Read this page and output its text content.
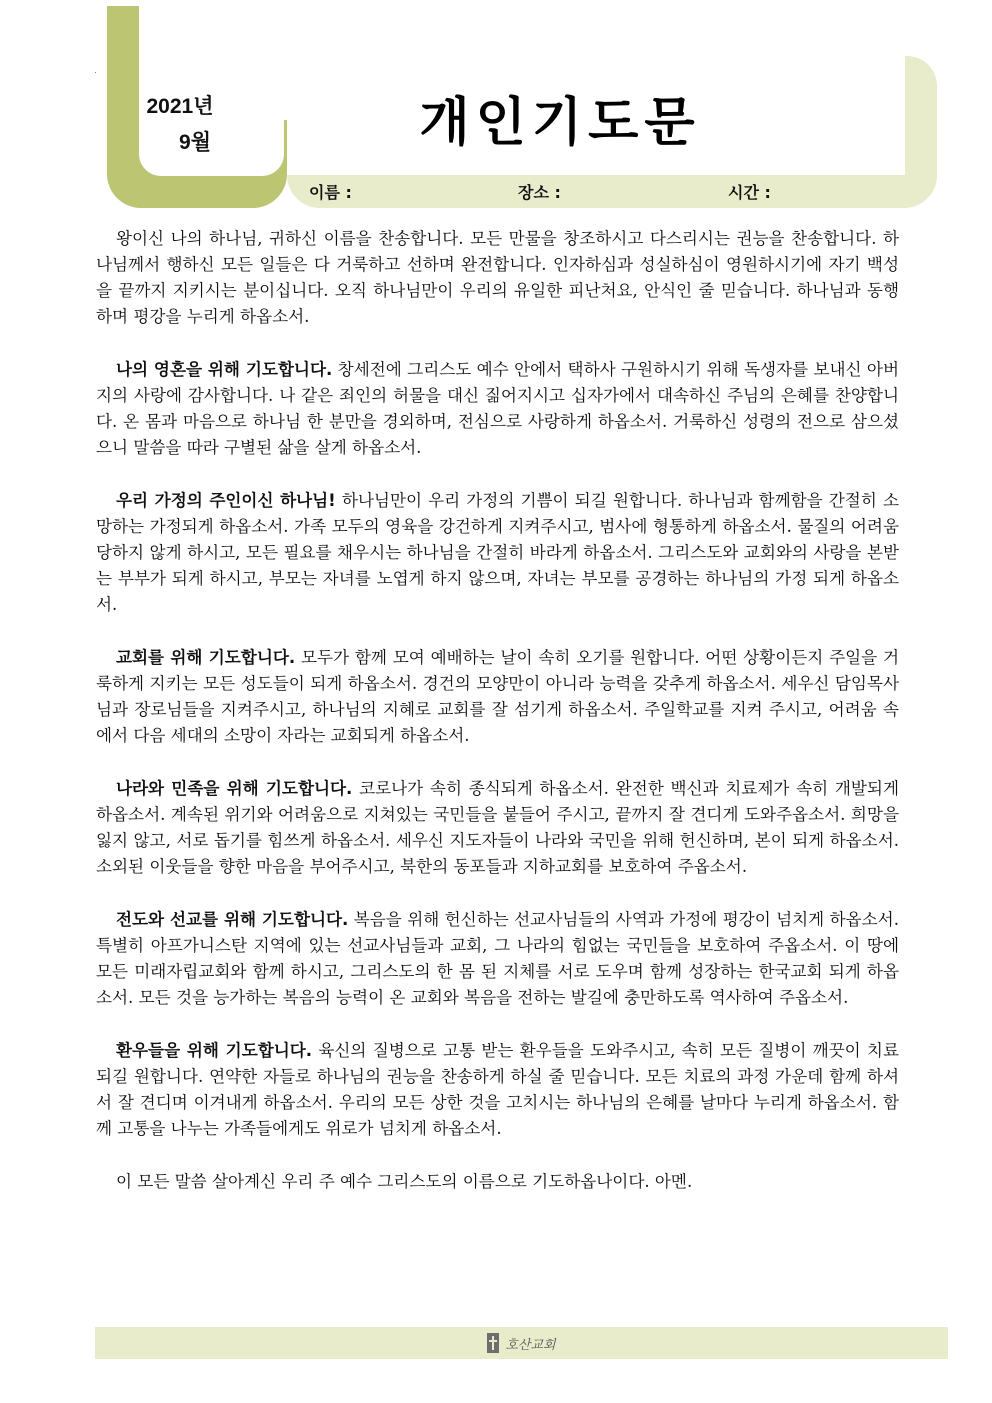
2021년
9월	개인기도문
이름 :	장소 :	시간 :

왕이신 나의 하나님, 귀하신 이름을 찬송합니다. 모든 만물을 창조하시고 다스리시는 권능을 찬송합니다. 하나님께서 행하신 모든 일들은 다 거룩하고 선하며 완전합니다. 인자하심과 성실하심이 영원하시기에 자기 백성을 끝까지 지키시는 분이십니다. 오직 하나님만이 우리의 유일한 피난처요, 안식인 줄 믿습니다. 하나님과 동행하며 평강을 누리게 하옵소서.

나의 영혼을 위해 기도합니다. 창세전에 그리스도 예수 안에서 택하사 구원하시기 위해 독생자를 보내신 아버지의 사랑에 감사합니다. 나 같은 죄인의 허물을 대신 짊어지시고 십자가에서 대속하신 주님의 은혜를 찬양합니다. 온 몸과 마음으로 하나님 한 분만을 경외하며, 전심으로 사랑하게 하옵소서. 거룩하신 성령의 전으로 삼으셨으니 말씀을 따라 구별된 삶을 살게 하옵소서.

우리 가정의 주인이신 하나님! 하나님만이 우리 가정의 기쁨이 되길 원합니다. 하나님과 함께함을 간절히 소망하는 가정되게 하옵소서. 가족 모두의 영육을 강건하게 지켜주시고, 범사에 형통하게 하옵소서. 물질의 어려움 당하지 않게 하시고, 모든 필요를 채우시는 하나님을 간절히 바라게 하옵소서. 그리스도와 교회와의 사랑을 본받는 부부가 되게 하시고, 부모는 자녀를 노엽게 하지 않으며, 자녀는 부모를 공경하는 하나님의 가정 되게 하옵소서.

교회를 위해 기도합니다. 모두가 함께 모여 예배하는 날이 속히 오기를 원합니다. 어떤 상황이든지 주일을 거룩하게 지키는 모든 성도들이 되게 하옵소서. 경건의 모양만이 아니라 능력을 갖추게 하옵소서. 세우신 담임목사님과 장로님들을 지켜주시고, 하나님의 지혜로 교회를 잘 섬기게 하옵소서. 주일학교를 지켜 주시고, 어려움 속에서 다음 세대의 소망이 자라는 교회되게 하옵소서.

나라와 민족을 위해 기도합니다. 코로나가 속히 종식되게 하옵소서. 완전한 백신과 치료제가 속히 개발되게 하옵소서. 계속된 위기와 어려움으로 지쳐있는 국민들을 붙들어 주시고, 끝까지 잘 견디게 도와주옵소서. 희망을 잃지 않고, 서로 돕기를 힘쓰게 하옵소서. 세우신 지도자들이 나라와 국민을 위해 헌신하며, 본이 되게 하옵소서. 소외된 이웃들을 향한 마음을 부어주시고, 북한의 동포들과 지하교회를 보호하여 주옵소서.

전도와 선교를 위해 기도합니다. 복음을 위해 헌신하는 선교사님들의 사역과 가정에 평강이 넘치게 하옵소서. 특별히 아프가니스탄 지역에 있는 선교사님들과 교회, 그 나라의 힘없는 국민들을 보호하여 주옵소서. 이 땅에 모든 미래자립교회와 함께 하시고, 그리스도의 한 몸 된 지체를 서로 도우며 함께 성장하는 한국교회 되게 하옵소서. 모든 것을 능가하는 복음의 능력이 온 교회와 복음을 전하는 발길에 충만하도록 역사하여 주옵소서.

환우들을 위해 기도합니다. 육신의 질병으로 고통 받는 환우들을 도와주시고, 속히 모든 질병이 깨끗이 치료되길 원합니다. 연약한 자들로 하나님의 권능을 찬송하게 하실 줄 믿습니다. 모든 치료의 과정 가운데 함께 하셔서 잘 견디며 이겨내게 하옵소서. 우리의 모든 상한 것을 고치시는 하나님의 은혜를 날마다 누리게 하옵소서. 함께 고통을 나누는 가족들에게도 위로가 넘치게 하옵소서.

이 모든 말씀 살아계신 우리 주 예수 그리스도의 이름으로 기도하옵나이다. 아멘.

호산교회
